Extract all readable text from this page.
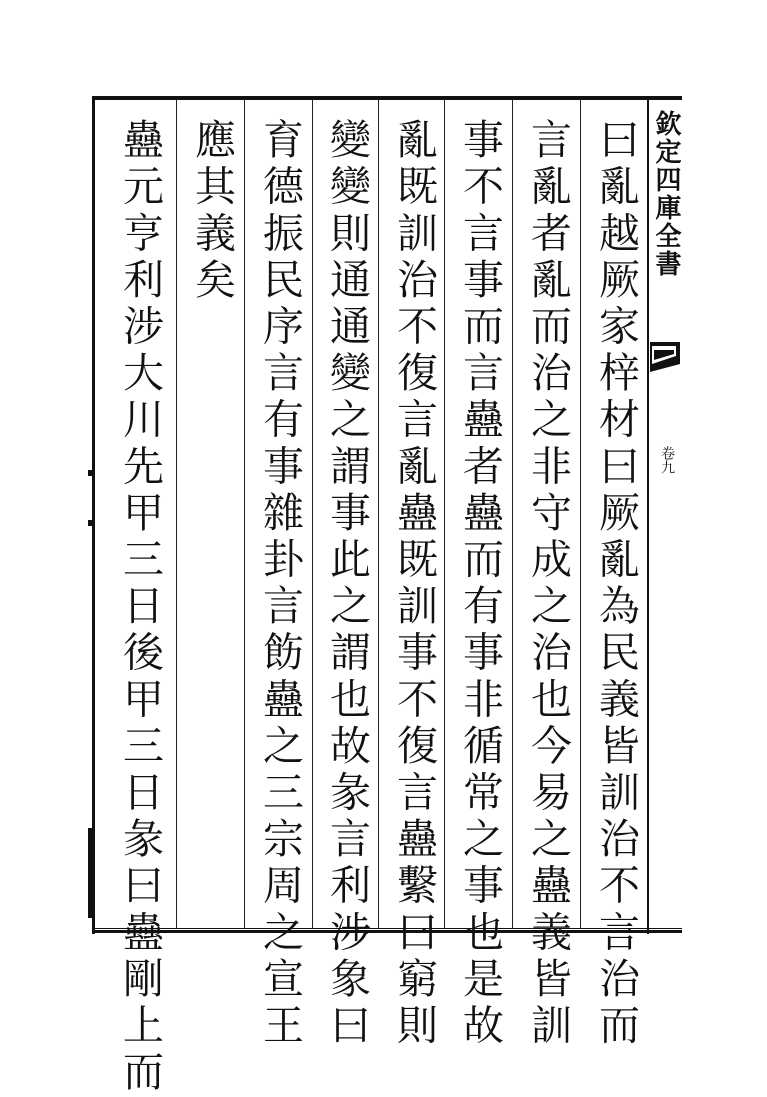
欽定四庫全書
卷九
曰亂越厥家梓材曰厥亂為民義皆訓治不言治而
言亂者亂而治之非守成之治也今易之蠱義皆訓
事不言事而言蠱者蠱而有事非循常之事也是故
亂既訓治不復言亂蠱既訓事不復言蠱繫曰窮則
變變則通通變之謂事此之謂也故彖言利涉象曰
育德振民序言有事雜卦言飭蠱之三宗周之宣王
應其義矣
蠱元亨利涉大川先甲三日後甲三日彖曰蠱剛上而
